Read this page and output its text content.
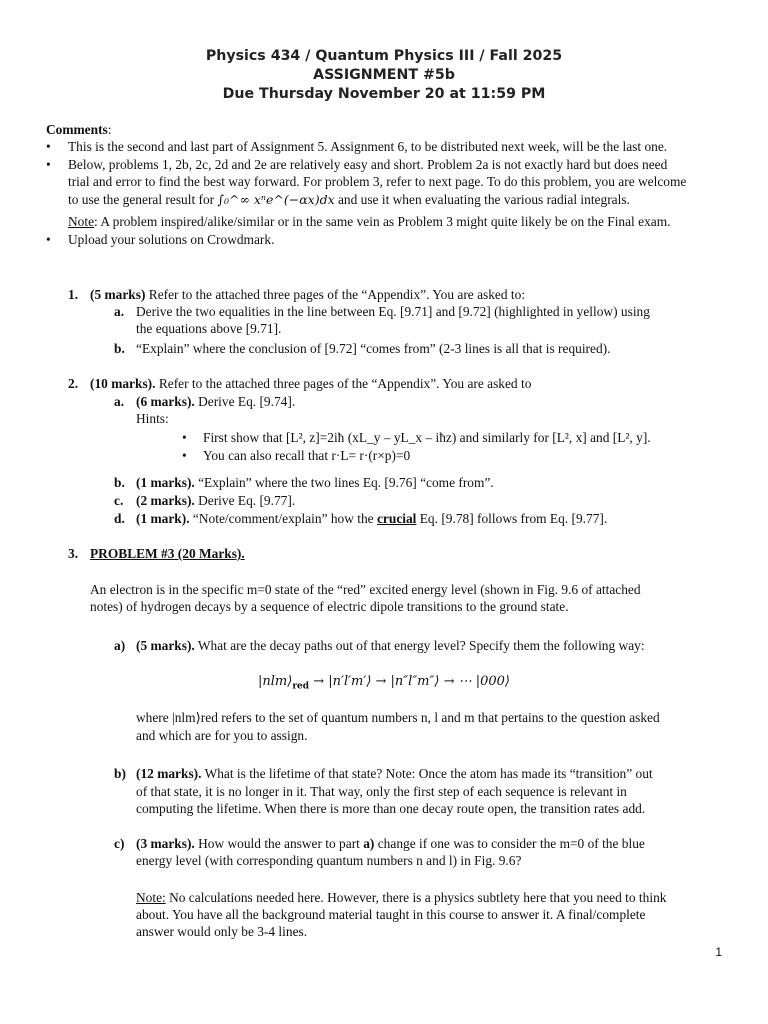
Physics 434 / Quantum Physics III / Fall 2025
ASSIGNMENT #5b
Due Thursday November 20 at 11:59 PM
Comments:
• This is the second and last part of Assignment 5. Assignment 6, to be distributed next week, will be the last one.
• Below, problems 1, 2b, 2c, 2d and 2e are relatively easy and short. Problem 2a is not exactly hard but does need
trial and error to find the best way forward. For problem 3, refer to next page. To do this problem, you are welcome
to use the general result for ∫₀^∞ xⁿe^(−αx)dx and use it when evaluating the various radial integrals.
Note: A problem inspired/alike/similar or in the same vein as Problem 3 might quite likely be on the Final exam.
• Upload your solutions on Crowdmark.
1. (5 marks) Refer to the attached three pages of the “Appendix”. You are asked to:
a. Derive the two equalities in the line between Eq. [9.71] and [9.72] (highlighted in yellow) using
the equations above [9.71].
b. “Explain” where the conclusion of [9.72] “comes from” (2-3 lines is all that is required).
2. (10 marks). Refer to the attached three pages of the “Appendix”. You are asked to
a. (6 marks). Derive Eq. [9.74].
Hints:
• First show that [L², z]=2iħ (xL_y – yL_x – iħz) and similarly for [L², x] and [L², y].
• You can also recall that r·L= r·(r×p)=0
b. (1 marks). “Explain” where the two lines Eq. [9.76] “come from”.
c. (2 marks). Derive Eq. [9.77].
d. (1 mark). “Note/comment/explain” how the crucial Eq. [9.78] follows from Eq. [9.77].
3. PROBLEM #3 (20 Marks).
An electron is in the specific m=0 state of the “red” excited energy level (shown in Fig. 9.6 of attached
notes) of hydrogen decays by a sequence of electric dipole transitions to the ground state.
a) (5 marks). What are the decay paths out of that energy level? Specify them the following way:
$|nlm⟩_{red}$ → |n′l′m′⟩ → |n″l″m″⟩ → ⋯ |000⟩
where |nlm⟩red refers to the set of quantum numbers n, l and m that pertains to the question asked
and which are for you to assign.
b) (12 marks). What is the lifetime of that state? Note: Once the atom has made its “transition” out
of that state, it is no longer in it. That way, only the first step of each sequence is relevant in
computing the lifetime. When there is more than one decay route open, the transition rates add.
c) (3 marks). How would the answer to part a) change if one was to consider the m=0 of the blue
energy level (with corresponding quantum numbers n and l) in Fig. 9.6?
Note: No calculations needed here. However, there is a physics subtlety here that you need to think
about. You have all the background material taught in this course to answer it. A final/complete
answer would only be 3-4 lines.
1
